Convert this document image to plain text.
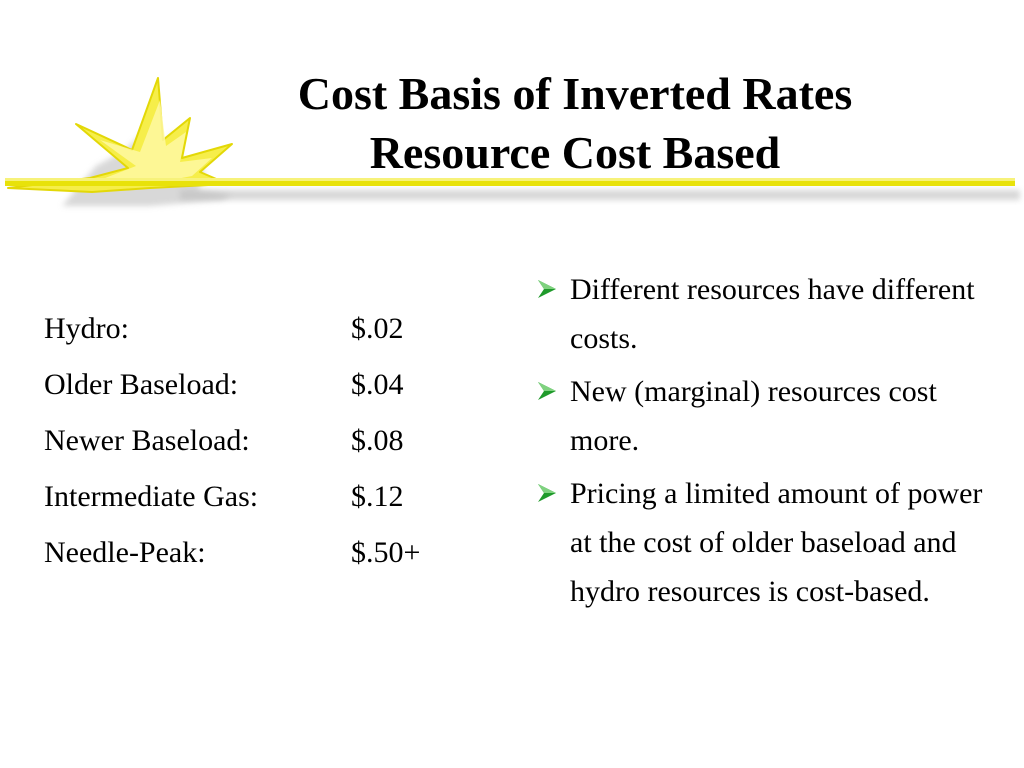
Cost Basis of Inverted Rates
Resource Cost Based
Hydro:	$.02
Older Baseload:	$.04
Newer Baseload:	$.08
Intermediate Gas:	$.12
Needle-Peak:	$.50+
Different resources have different costs.
New (marginal) resources cost more.
Pricing a limited amount of power at the cost of older baseload and hydro resources is cost-based.
